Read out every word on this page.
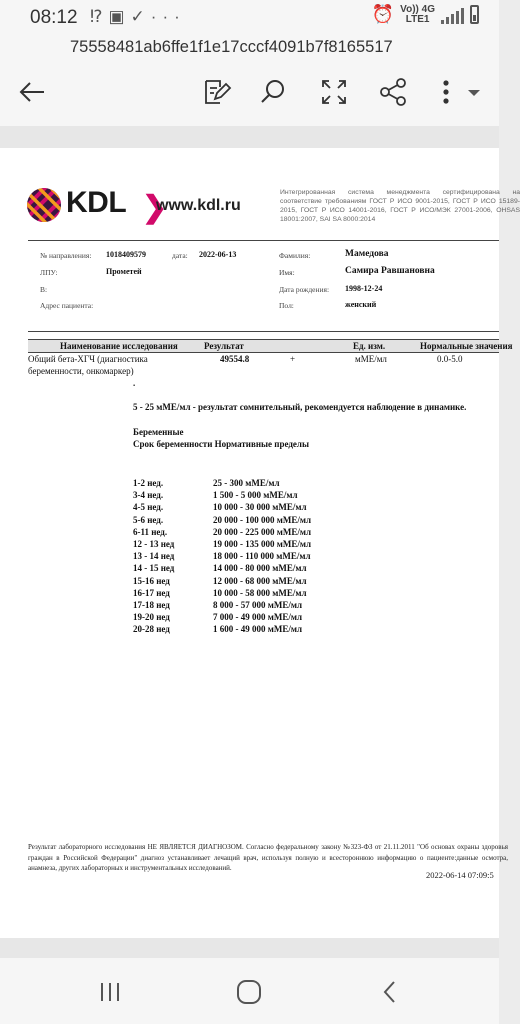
08:12 ⁉▣✓···	⏰ Vo)) 4G
LTE1
75558481ab6ffe1f1e17cccf4091b7f8165517
KDL ❯
www.kdl.ru
Интегрированная система менеджмента сертифицирована на соответствие требованиям ГОСТ Р ИСО 9001-2015, ГОСТ Р ИСО 15189-2015, ГОСТ Р ИСО 14001-2016, ГОСТ Р ИСО/МЭК 27001-2006, OHSAS 18001:2007, SAI SA 8000:2014
№ направления: 1018409579	дата: 2022-06-13	Фамилия:	Мамедова
ЛПУ:	Прометей	Имя:	Самира Равшановна
В:	Дата рождения: 1998-12-24
Адрес пациента:	Пол:	женский
Наименование исследования	Результат	Ед. изм.	Нормальные значения
Общий бета-ХГЧ (диагностика
беременности, онкомаркер)
49554.8	+	мМЕ/мл	0.0-5.0
.
5 - 25 мМЕ/мл - результат сомнительный, рекомендуется наблюдение в динамике.
Беременные
Срок беременности Нормативные пределы
1-2 нед.	25 - 300 мМЕ/мл
3-4 нед.	1 500 - 5 000 мМЕ/мл
4-5 нед.	10 000 - 30 000 мМЕ/мл
5-6 нед.	20 000 - 100 000 мМЕ/мл
6-11 нед.	20 000 - 225 000 мМЕ/мл
12 - 13 нед	19 000 - 135 000 мМЕ/мл
13 - 14 нед	18 000 - 110 000 мМЕ/мл
14 - 15 нед	14 000 - 80 000 мМЕ/мл
15-16 нед	12 000 - 68 000 мМЕ/мл
16-17 нед	10 000 - 58 000 мМЕ/мл
17-18 нед	8 000 - 57 000 мМЕ/мл
19-20 нед	7 000 - 49 000 мМЕ/мл
20-28 нед	1 600 - 49 000 мМЕ/мл
Результат лабораторного исследования НЕ ЯВЛЯЕТСЯ ДИАГНОЗОМ. Согласно федеральному закону №323-ФЗ от 21.11.2011 "Об основах охраны здоровья граждан в Российской Федерации" диагноз устанавливает лечащий врач, используя полную и всестороннюю информацию о пациенте:данные осмотра, анамнеза, других лабораторных и инструментальных исследований.
2022-06-14 07:09:5
